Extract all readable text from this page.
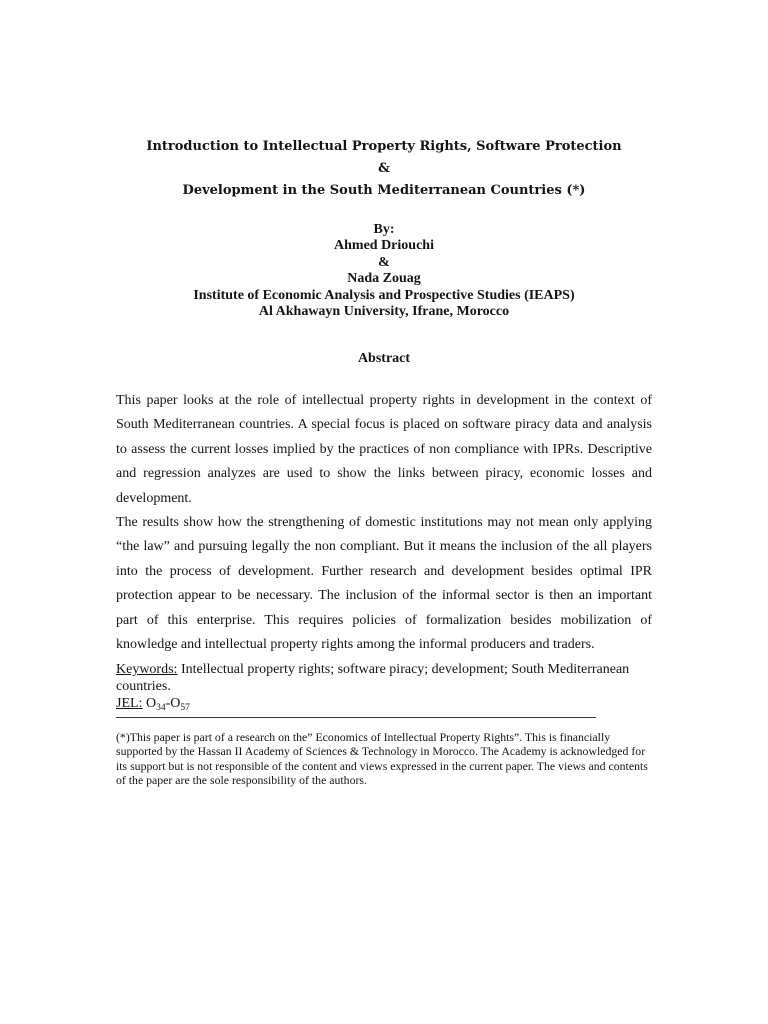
Introduction to Intellectual Property Rights, Software Protection
&
Development in the South Mediterranean Countries (*)
By:
Ahmed Driouchi
&
Nada Zouag
Institute of Economic Analysis and Prospective Studies (IEAPS)
Al Akhawayn University, Ifrane, Morocco
Abstract
This paper looks at the role of intellectual property rights in development in the context of
South Mediterranean countries. A special focus is placed on software piracy data and analysis
to assess the current losses implied by the practices of non compliance with IPRs. Descriptive
and regression analyzes are used to show the links between piracy, economic losses and
development.
The results show how the strengthening of domestic institutions may not mean only applying
“the law” and pursuing legally the non compliant. But it means the inclusion of the all players
into the process of development. Further research and development besides optimal IPR
protection appear to be necessary. The inclusion of the informal sector is then an important
part of this enterprise. This requires policies of formalization besides mobilization of
knowledge and intellectual property rights among the informal producers and traders.
Keywords: Intellectual property rights; software piracy; development; South Mediterranean countries.
JEL: $O_{34}-O_{57}$
(*)This paper is part of a research on the” Economics of Intellectual Property Rights”. This is financially
supported by the Hassan II Academy of Sciences & Technology in Morocco. The Academy is acknowledged for
its support but is not responsible of the content and views expressed in the current paper. The views and contents
of the paper are the sole responsibility of the authors.
